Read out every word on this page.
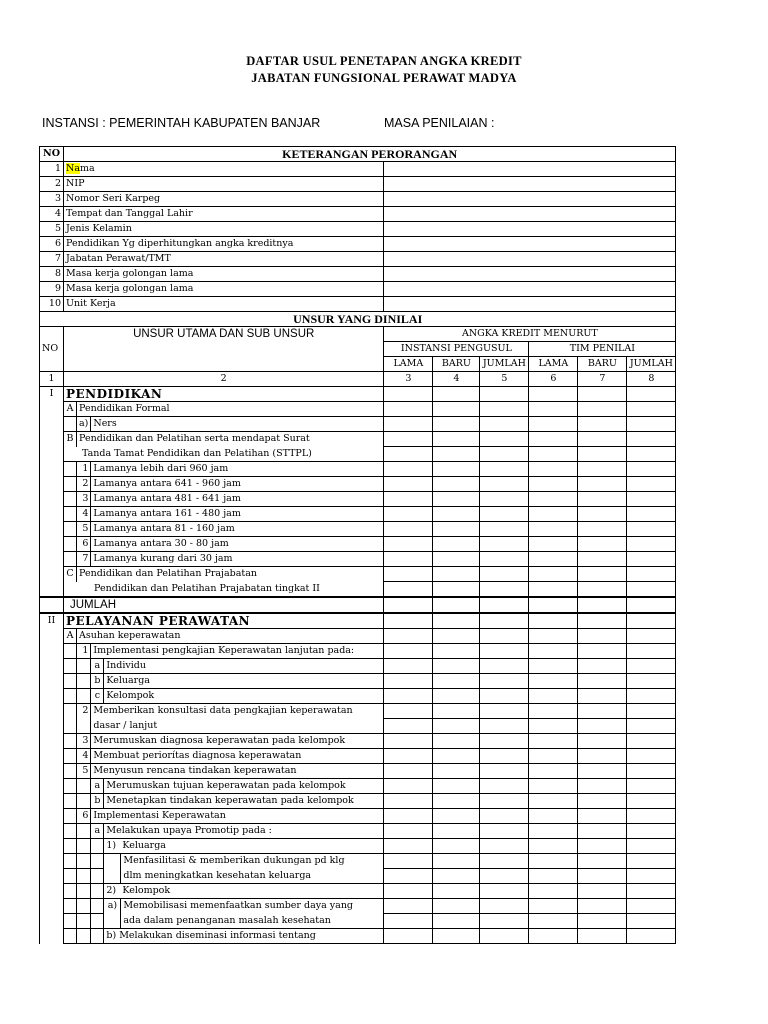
DAFTAR USUL PENETAPAN ANGKA KREDIT
JABATAN FUNGSIONAL PERAWAT MADYA
INSTANSI : PEMERINTAH KABUPATEN BANJAR	MASA PENILAIAN :
NO	KETERANGAN PERORANGAN										
1	Nama										
2	NIP										
3	Nomor Seri Karpeg										
4	Tempat dan Tanggal Lahir										
5	Jenis Kelamin										
6	Pendidikan Yg diperhitungkan angka kreditnya										
7	Jabatan Perawat/TMT										
8	Masa kerja golongan lama										
9	Masa kerja golongan lama										
10	Unit Kerja										
UNSUR YANG DINILAI											
NO	UNSUR UTAMA DAN SUB UNSUR					ANGKA KREDIT MENURUT					
						INSTANSI PENGUSUL			TIM PENILAI		
						LAMA	BARU	JUMLAH	LAMA	BARU	JUMLAH
1	2					3	4	5	6	7	8
I	PENDIDIKAN										
	A	Pendidikan Formal									
		a)	Ners								
	B	Pendidikan dan Pelatihan serta mendapat Surat									
	Tanda Tamat Pendidikan dan Pelatihan (STTPL)										
		1	Lamanya lebih dari 960 jam								
		2	Lamanya antara 641 - 960 jam								
		3	Lamanya antara 481 - 641 jam								
		4	Lamanya antara 161 - 480 jam								
		5	Lamanya antara 81 - 160 jam								
		6	Lamanya antara 30 - 80 jam								
		7	Lamanya kurang dari 30 jam								
	C	Pendidikan dan Pelatihan Prajabatan									
	Pendidikan dan Pelatihan Prajabatan tingkat II										
	JUMLAH										
II	PELAYANAN PERAWATAN										
	A	Asuhan keperawatan									
		1	Implementasi pengkajian Keperawatan lanjutan pada:								
			a	Individu							
			b	Keluarga							
			c	Kelompok							
		2	Memberikan konsultasi data pengkajian keperawatan								
			dasar / lanjut								
		3	Merumuskan diagnosa keperawatan pada kelompok								
		4	Membuat periorítas diagnosa keperawatan								
		5	Menyusun rencana tindakan keperawatan								
			a	Merumuskan tujuan keperawatan pada kelompok							
			b	Menetapkan tindakan keperawatan pada kelompok							
		6	Implementasi Keperawatan								
			a	Melakukan upaya Promotip pada :							
				1) Keluarga							
					Menfasilitasi & memberikan dukungan pd klg						
					dlm meningkatkan kesehatan keluarga						
				2) Kelompok							
				a)	Memobilisasi memenfaatkan sumber daya yang						
					ada dalam penanganan masalah kesehatan						
				b) Melakukan diseminasi informasi tentang							
